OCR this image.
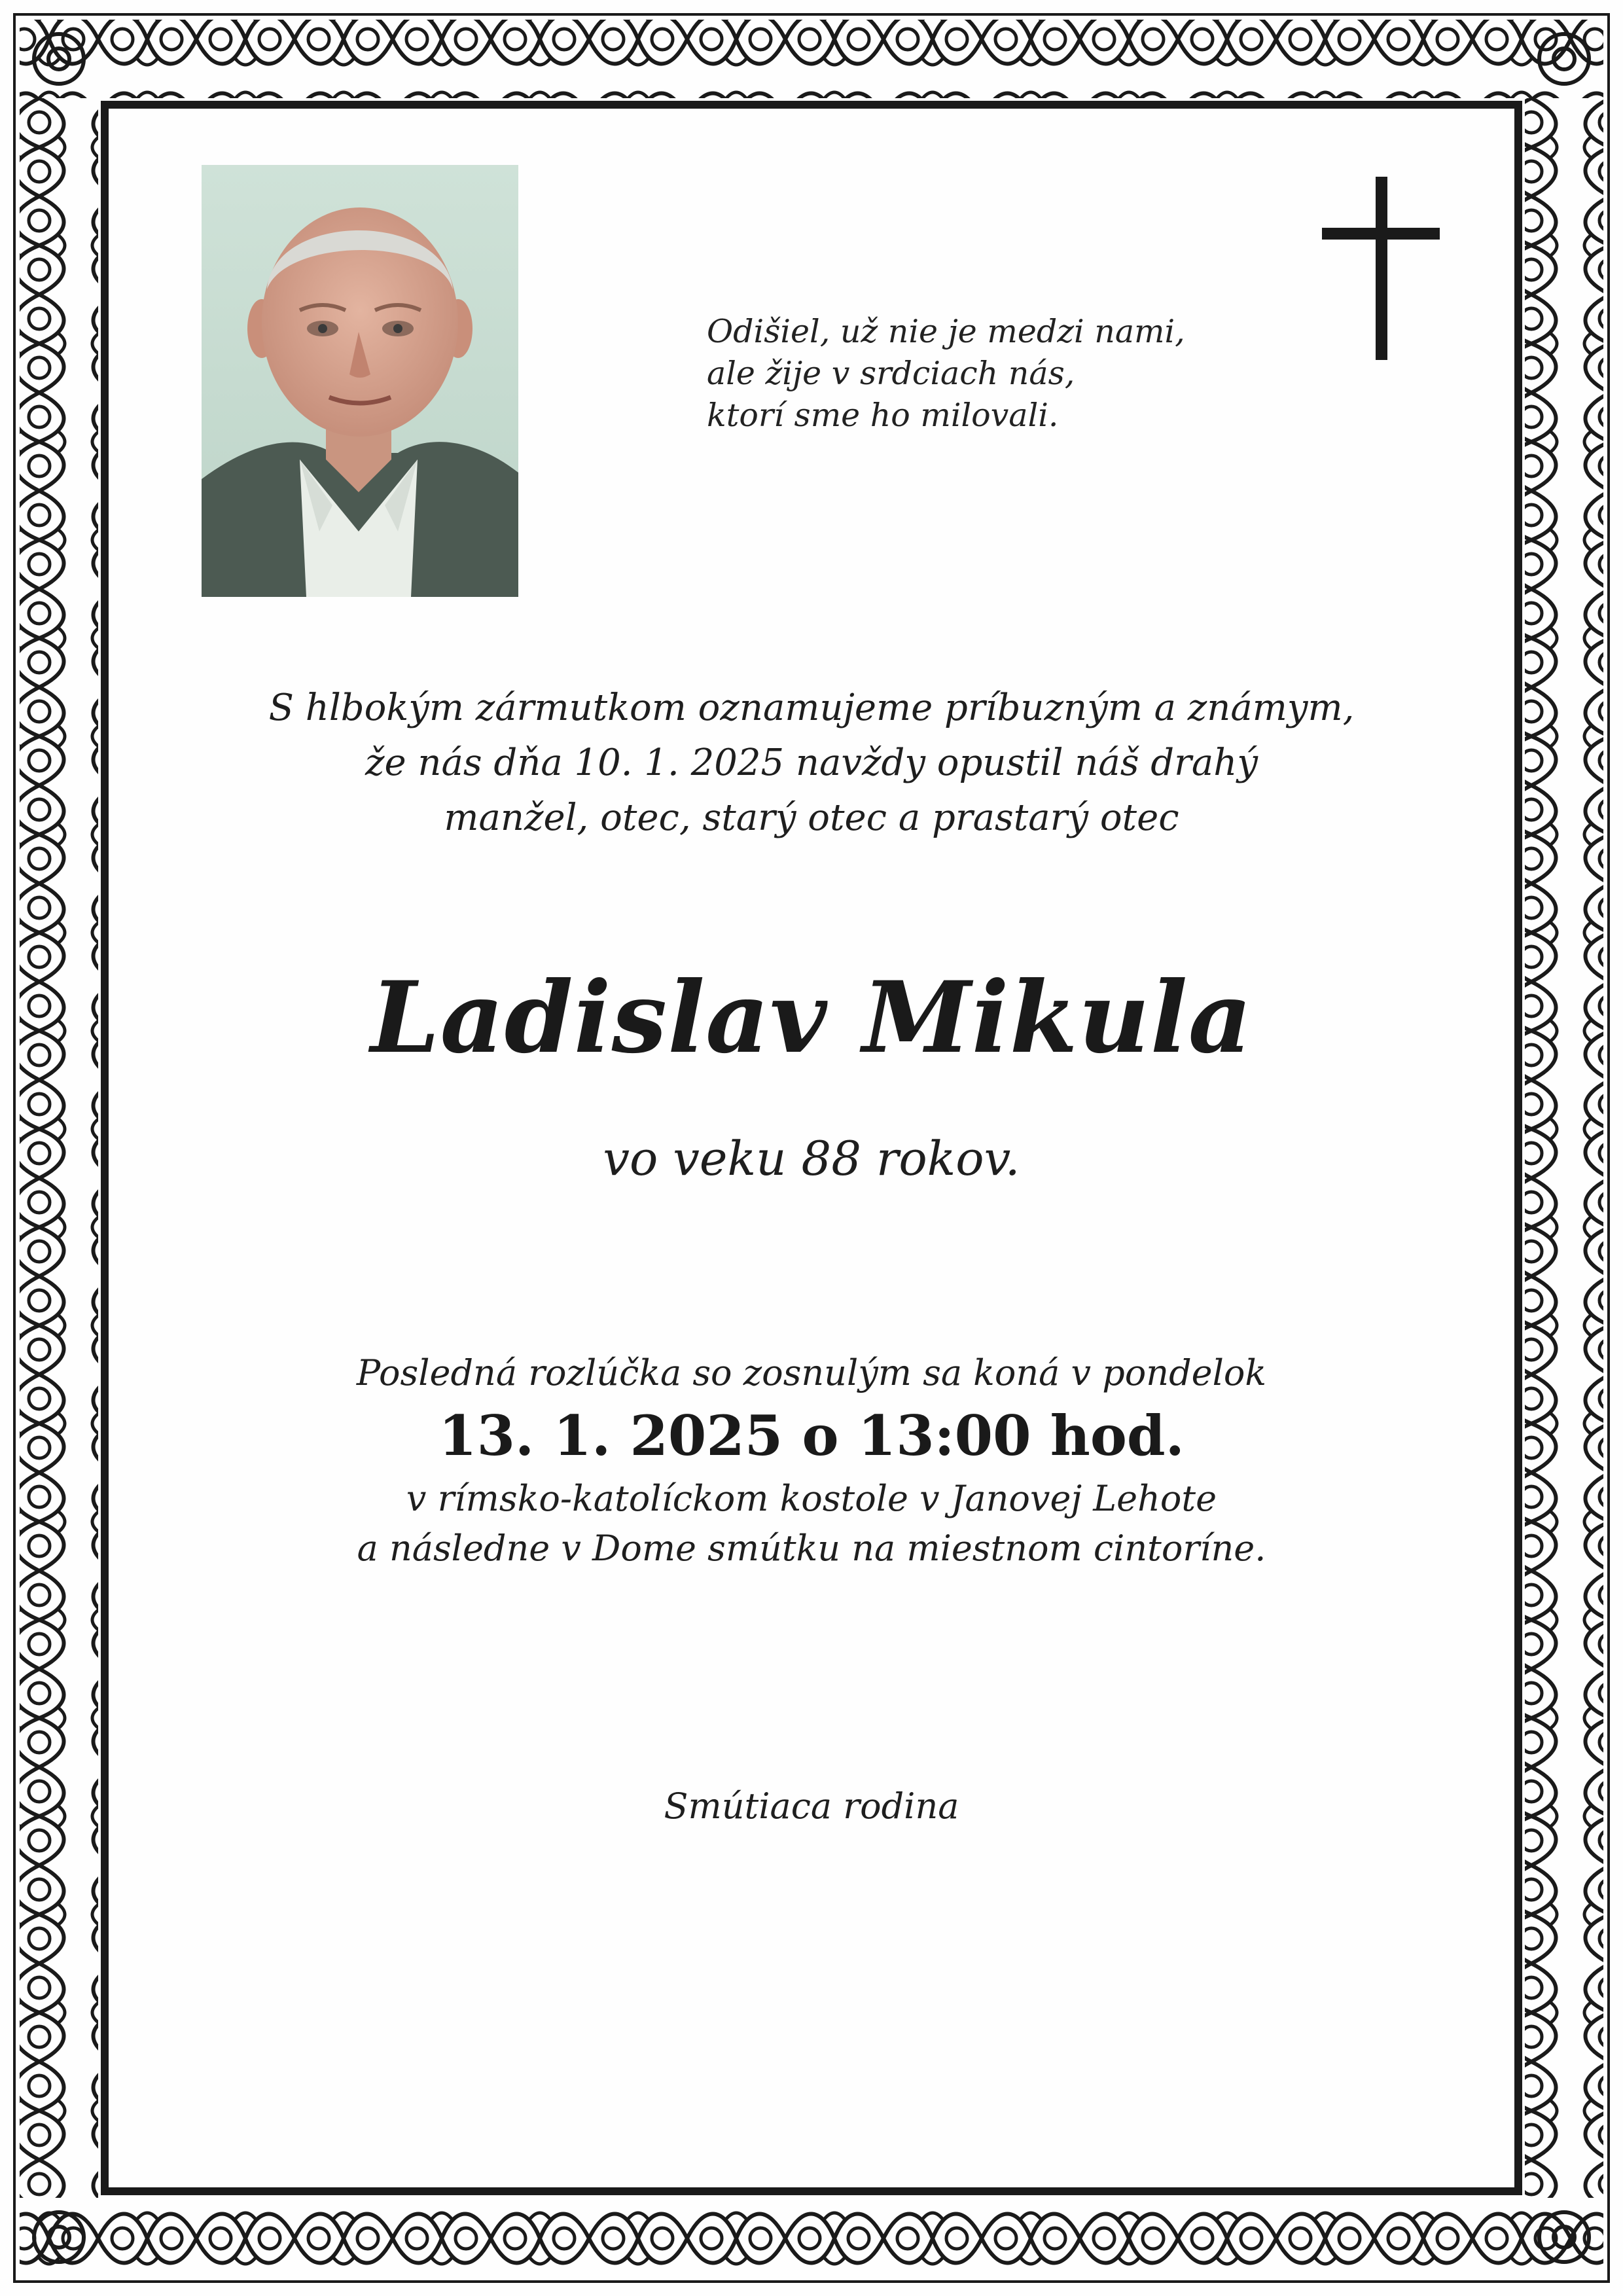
Odišiel, už nie je medzi nami,
ale žije v srdciach nás,
ktorí sme ho milovali.
S hlbokým zármutkom oznamujeme príbuzným a známym,
že nás dňa 10. 1. 2025 navždy opustil náš drahý
manžel, otec, starý otec a prastarý otec
Ladislav Mikula
vo veku 88 rokov.
Posledná rozlúčka so zosnulým sa koná v pondelok
13. 1. 2025 o 13:00 hod.
v rímsko-katolíckom kostole v Janovej Lehote
a následne v Dome smútku na miestnom cintoríne.
Smútiaca rodina
